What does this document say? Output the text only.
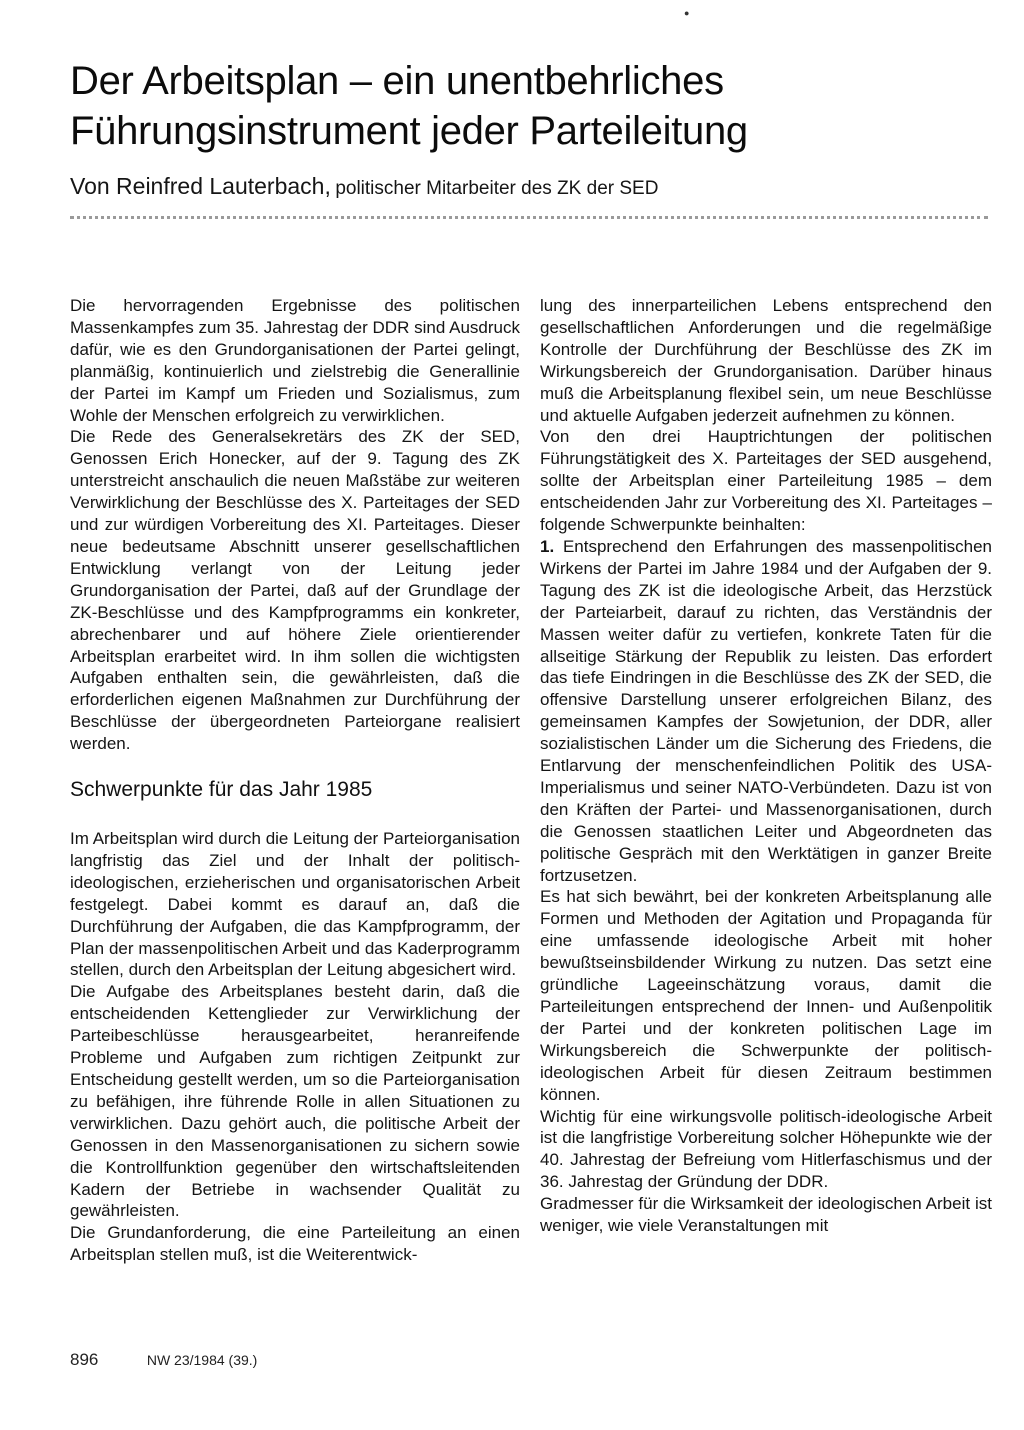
●
Der Arbeitsplan – ein unentbehrliches
Führungsinstrument jeder Parteileitung
Von Reinfred Lauterbach, politischer Mitarbeiter des ZK der SED

Die hervorragenden Ergebnisse des politischen Massenkampfes zum 35. Jahrestag der DDR sind Ausdruck dafür, wie es den Grundorganisationen der Partei gelingt, planmäßig, kontinuierlich und zielstrebig die Generallinie der Partei im Kampf um Frieden und Sozialismus, zum Wohle der Menschen erfolgreich zu verwirklichen.

Die Rede des Generalsekretärs des ZK der SED, Genossen Erich Honecker, auf der 9. Tagung des ZK unterstreicht anschaulich die neuen Maßstäbe zur weiteren Verwirklichung der Beschlüsse des X. Parteitages der SED und zur würdigen Vorbereitung des XI. Parteitages. Dieser neue bedeutsame Abschnitt unserer gesellschaftlichen Entwicklung verlangt von der Leitung jeder Grundorganisation der Partei, daß auf der Grundlage der ZK-Beschlüsse und des Kampfprogramms ein konkreter, abrechenbarer und auf höhere Ziele orientierender Arbeitsplan erarbeitet wird. In ihm sollen die wichtigsten Aufgaben enthalten sein, die gewährleisten, daß die erforderlichen eigenen Maßnahmen zur Durchführung der Beschlüsse der übergeordneten Parteiorgane realisiert werden.

Schwerpunkte für das Jahr 1985

Im Arbeitsplan wird durch die Leitung der Parteiorganisation langfristig das Ziel und der Inhalt der politisch-ideologischen, erzieherischen und organisatorischen Arbeit festgelegt. Dabei kommt es darauf an, daß die Durchführung der Aufgaben, die das Kampfprogramm, der Plan der massenpolitischen Arbeit und das Kaderprogramm stellen, durch den Arbeitsplan der Leitung abgesichert wird.

Die Aufgabe des Arbeitsplanes besteht darin, daß die entscheidenden Kettenglieder zur Verwirklichung der Parteibeschlüsse herausgearbeitet, heranreifende Probleme und Aufgaben zum richtigen Zeitpunkt zur Entscheidung gestellt werden, um so die Parteiorganisation zu befähigen, ihre führende Rolle in allen Situationen zu verwirklichen. Dazu gehört auch, die politische Arbeit der Genossen in den Massenorganisationen zu sichern sowie die Kontrollfunktion gegenüber den wirtschaftsleitenden Kadern der Betriebe in wachsender Qualität zu gewährleisten.

Die Grundanforderung, die eine Parteileitung an einen Arbeitsplan stellen muß, ist die Weiterentwick-

lung des innerparteilichen Lebens entsprechend den gesellschaftlichen Anforderungen und die regelmäßige Kontrolle der Durchführung der Beschlüsse des ZK im Wirkungsbereich der Grundorganisation. Darüber hinaus muß die Arbeitsplanung flexibel sein, um neue Beschlüsse und aktuelle Aufgaben jederzeit aufnehmen zu können.

Von den drei Hauptrichtungen der politischen Führungstätigkeit des X. Parteitages der SED ausgehend, sollte der Arbeitsplan einer Parteileitung 1985 – dem entscheidenden Jahr zur Vorbereitung des XI. Parteitages – folgende Schwerpunkte beinhalten:

1. Entsprechend den Erfahrungen des massenpolitischen Wirkens der Partei im Jahre 1984 und der Aufgaben der 9. Tagung des ZK ist die ideologische Arbeit, das Herzstück der Parteiarbeit, darauf zu richten, das Verständnis der Massen weiter dafür zu vertiefen, konkrete Taten für die allseitige Stärkung der Republik zu leisten. Das erfordert das tiefe Eindringen in die Beschlüsse des ZK der SED, die offensive Darstellung unserer erfolgreichen Bilanz, des gemeinsamen Kampfes der Sowjetunion, der DDR, aller sozialistischen Länder um die Sicherung des Friedens, die Entlarvung der menschenfeindlichen Politik des USA-Imperialismus und seiner NATO-Verbündeten. Dazu ist von den Kräften der Partei- und Massenorganisationen, durch die Genossen staatlichen Leiter und Abgeordneten das politische Gespräch mit den Werktätigen in ganzer Breite fortzusetzen.

Es hat sich bewährt, bei der konkreten Arbeitsplanung alle Formen und Methoden der Agitation und Propaganda für eine umfassende ideologische Arbeit mit hoher bewußtseinsbildender Wirkung zu nutzen. Das setzt eine gründliche Lageeinschätzung voraus, damit die Parteileitungen entsprechend der Innen- und Außenpolitik der Partei und der konkreten politischen Lage im Wirkungsbereich die Schwerpunkte der politisch-ideologischen Arbeit für diesen Zeitraum bestimmen können.

Wichtig für eine wirkungsvolle politisch-ideologische Arbeit ist die langfristige Vorbereitung solcher Höhepunkte wie der 40. Jahrestag der Befreiung vom Hitlerfaschismus und der 36. Jahrestag der Gründung der DDR.

Gradmesser für die Wirksamkeit der ideologischen Arbeit ist weniger, wie viele Veranstaltungen mit

896	NW 23/1984 (39.)
